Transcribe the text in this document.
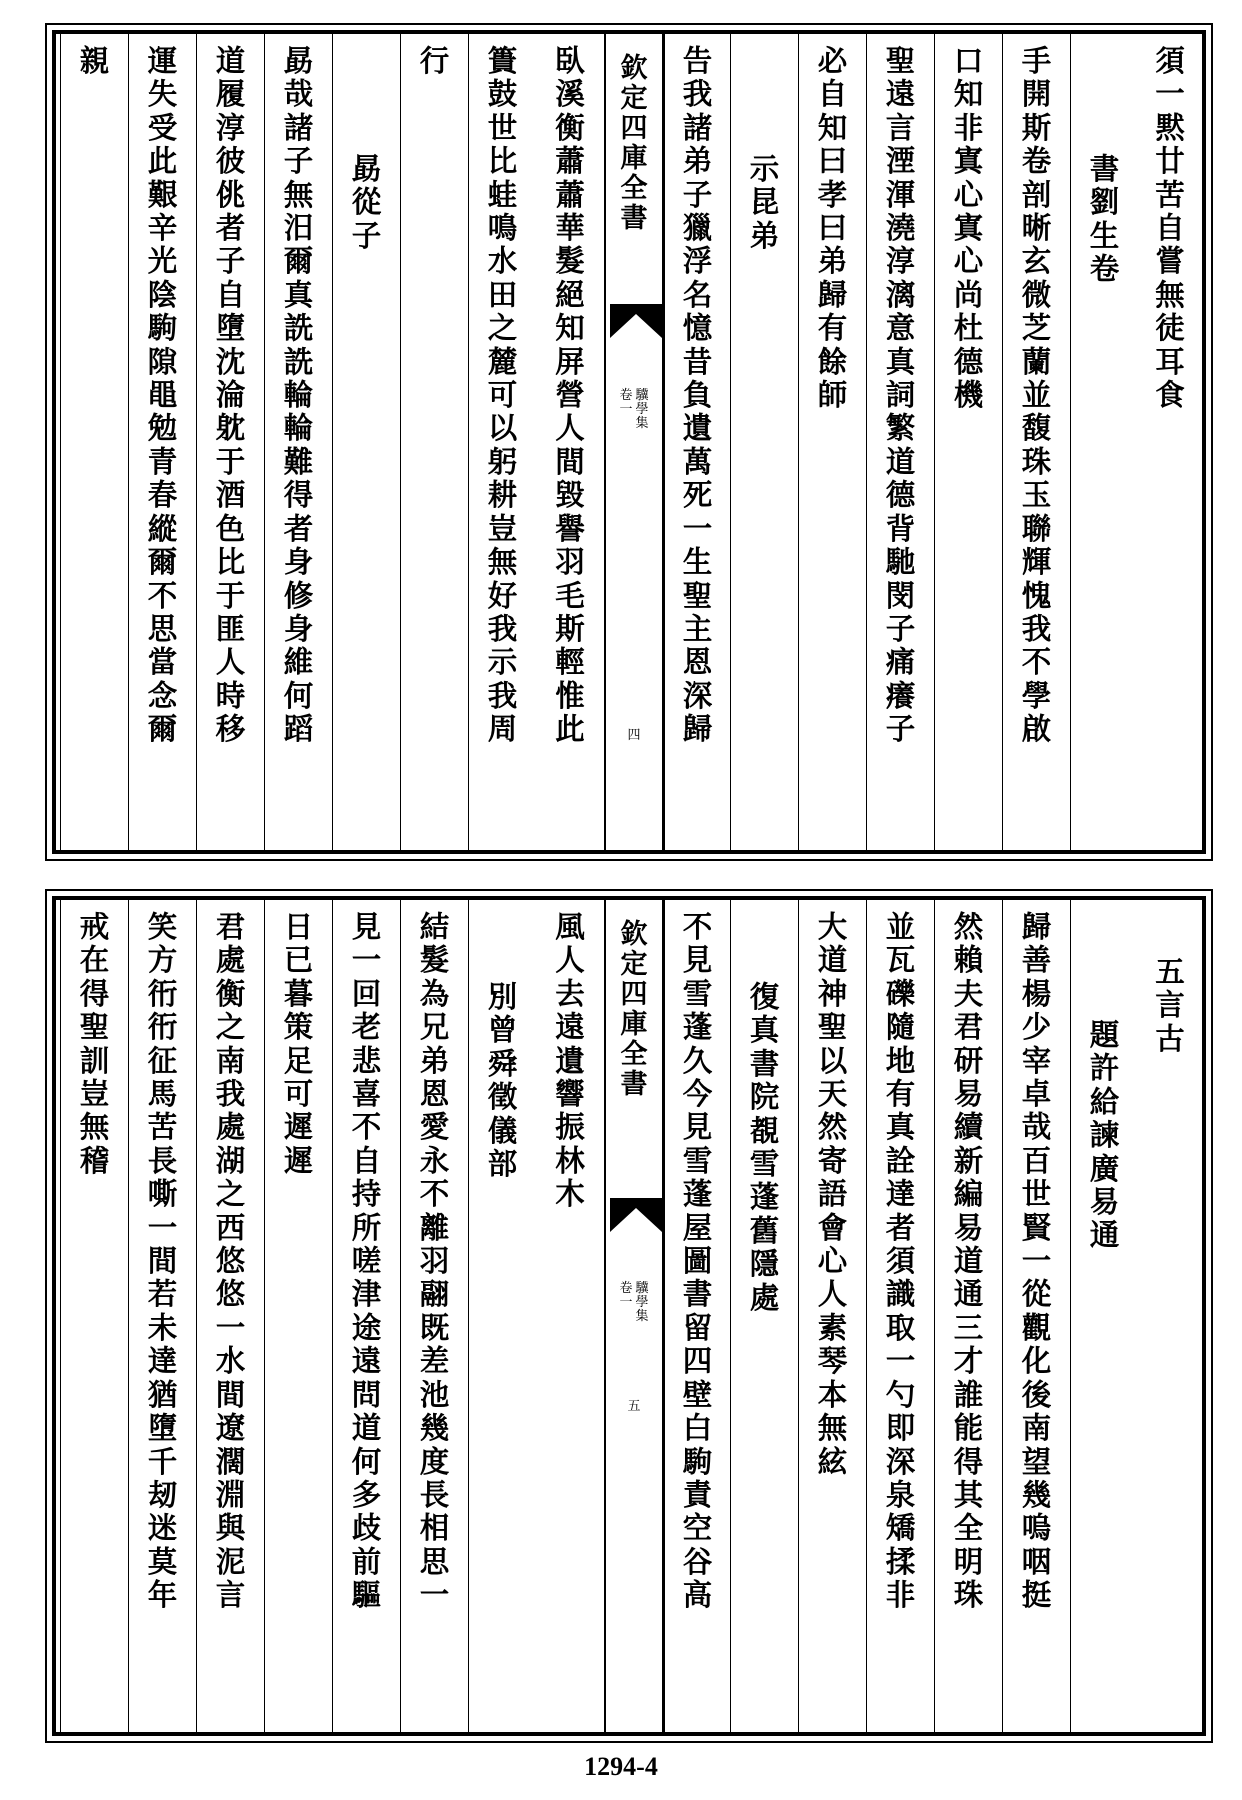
須
一
黙
廿
苦
自
嘗
無
徒
耳
食
書
劉
生
卷
手
開
斯
卷
剖
晰
玄
微
芝
蘭
並
馥
珠
玉
聯
輝
愧
我
不
學
啟
口
知
非
寘
心
寘
心
尚
杜
德
機
聖
遠
言
湮
渾
澆
淳
漓
意
真
詞
繁
道
德
背
馳
閔
子
痛
癢
子
必
自
知
曰
孝
曰
弟
歸
有
餘
師
示
昆
弟
告
我
諸
弟
子
獵
浮
名
憶
昔
負
遺
萬
死
一
生
聖
主
恩
深
歸
欽
定
四
庫
全
書
卷
一
驥
學
集
四
臥
溪
衡
蕭
蕭
華
髮
絕
知
屏
營
人
間
毀
譽
羽
毛
斯
輕
惟
此
簣
鼓
世
比
蛙
鳴
水
田
之
麓
可
以
躬
耕
豈
無
好
我
示
我
周
行
勗
從
子
勗
哉
諸
子
無
汨
爾
真
詵
詵
輪
輪
難
得
者
身
修
身
維
何
蹈
道
履
淳
彼
佻
者
子
自
墮
沈
淪
躭
于
酒
色
比
于
匪
人
時
移
運
失
受
此
艱
辛
光
陰
駒
隙
黽
勉
青
春
縱
爾
不
思
當
念
爾
親
五
言
古
題
許
給
諫
廣
易
通
歸
善
楊
少
宰
卓
哉
百
世
賢
一
從
觀
化
後
南
望
幾
嗚
咽
挺
然
賴
夫
君
研
易
續
新
編
易
道
通
三
才
誰
能
得
其
全
明
珠
並
瓦
礫
隨
地
有
真
詮
達
者
須
識
取
一
勺
即
深
泉
矯
揉
非
大
道
神
聖
以
天
然
寄
語
會
心
人
素
琴
本
無
絃
復
真
書
院
覩
雪
蓬
舊
隱
處
不
見
雪
蓬
久
今
見
雪
蓬
屋
圖
書
留
四
壁
白
駒
責
空
谷
高
欽
定
四
庫
全
書
卷
一
驥
學
集
五
風
人
去
遠
遺
響
振
林
木
別
曾
舜
徵
儀
部
結
髮
為
兄
弟
恩
愛
永
不
離
羽
翮
既
差
池
幾
度
長
相
思
一
見
一
回
老
悲
喜
不
自
持
所
嗟
津
途
遠
問
道
何
多
歧
前
驅
日
已
暮
策
足
可
遲
遲
君
處
衡
之
南
我
處
湖
之
西
悠
悠
一
水
間
遼
濶
淵
與
泥
言
笑
方
衎
衎
征
馬
苦
長
嘶
一
間
若
未
達
猶
墮
千
刼
迷
莫
年
戒
在
得
聖
訓
豈
無
稽
1294-4
